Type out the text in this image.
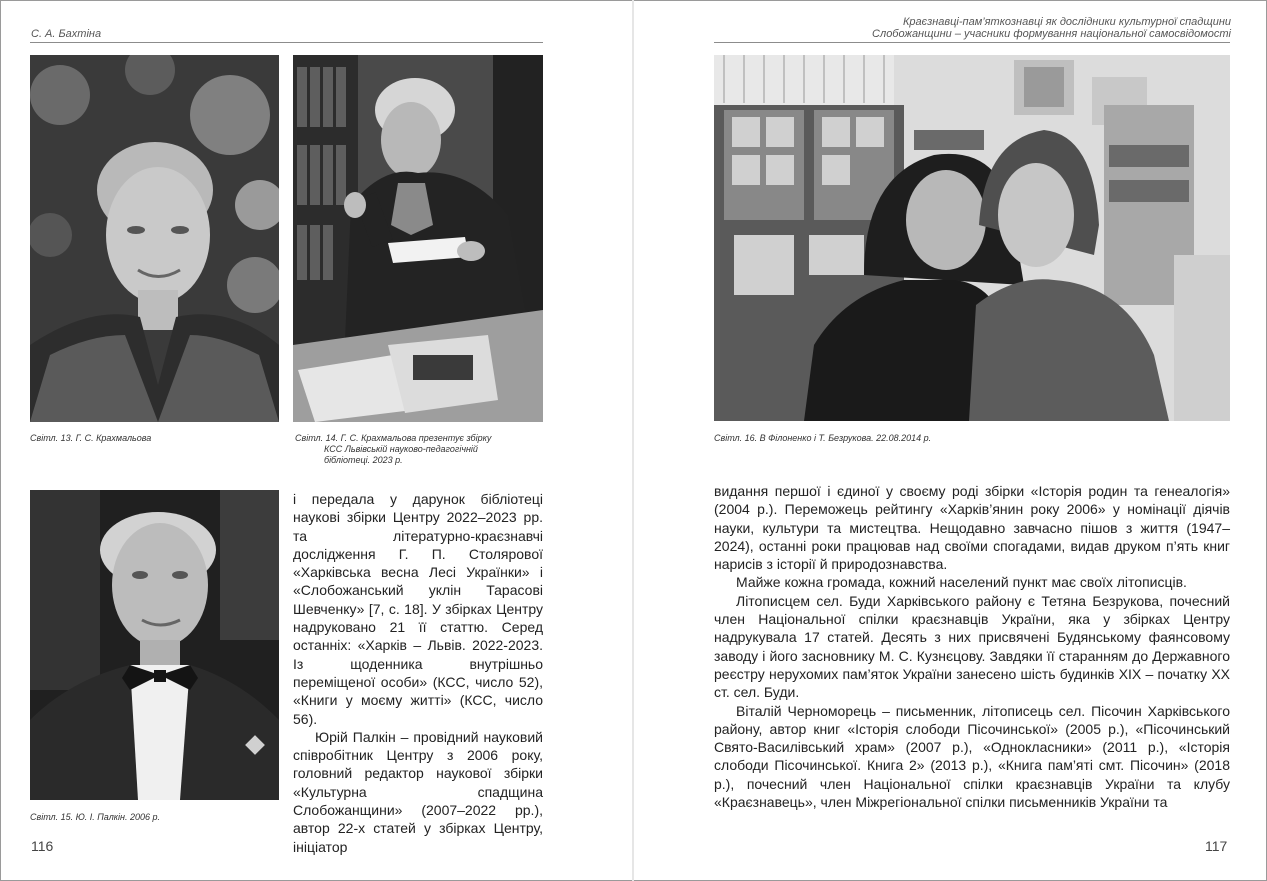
С. А. Бахтіна
Краєзнавці-пам’яткознавці як дослідники культурної спадщини
Слобожанщини – учасники формування національної самосвідомості
Світл. 13. Г. С. Крахмальова	Світл. 14. Г. С. Крахмальова презентує збірку
КСС Львівській науково-педагогічній
бібліотеці. 2023 р.
Світл. 15. Ю. І. Палкін. 2006 р.

і передала у дарунок бібліотеці наукові збірки Центру 2022–2023 рр. та літературно-краєзнавчі дослідження Г. П. Столярової «Харківська весна Лесі Українки» і «Слобожанський уклін Тарасові Шевченку» [7, с. 18]. У збірках Центру надруковано 21 її статтю. Серед останніх: «Харків – Львів. 2022-2023. Із щоденника внутрішньо переміщеної особи» (КСС, число 52), «Книги у моєму житті» (КСС, число 56).

Юрій Палкін – провідний науковий співробітник Центру з 2006 року, головний редактор наукової збірки «Культурна спадщина Слобожанщини» (2007–2022 рр.), автор 22-х статей у збірках Центру, ініціатор

Світл. 16. В Філоненко і Т. Безрукова. 22.08.2014 р.

видання першої і єдиної у своєму роді збірки «Історія родин та генеалогія» (2004 р.). Переможець рейтингу «Харків’янин року 2006» у номінації діячів науки, культури та мистецтва. Нещодавно завчасно пішов з життя (1947–2024), останні роки працював над своїми спогадами, видав друком п’ять книг нарисів з історії й природознавства.

Майже кожна громада, кожний населений пункт має своїх літописців.

Літописцем сел. Буди Харківського району є Тетяна Безрукова, почесний член Національної спілки краєзнавців України, яка у збірках Центру надрукувала 17 статей. Десять з них присвячені Будянському фаянсовому заводу і його засновнику М. С. Кузнєцову. Завдяки її старанням до Державного реєстру нерухомих пам’яток України занесено шість будинків XIX – початку XX ст. сел. Буди.

Віталій Черноморець – письменник, літописець сел. Пісочин Харківського району, автор книг «Історія слободи Пісочинської» (2005 р.), «Пісочинський Свято-Василівський храм» (2007 р.), «Однокласники» (2011 р.), «Історія слободи Пісочинської. Книга 2» (2013 р.), «Книга пам’яті смт. Пісочин» (2018 р.), почесний член Національної спілки краєзнавців України та клубу «Краєзнавець», член Міжрегіональної спілки письменників України та

116	117
